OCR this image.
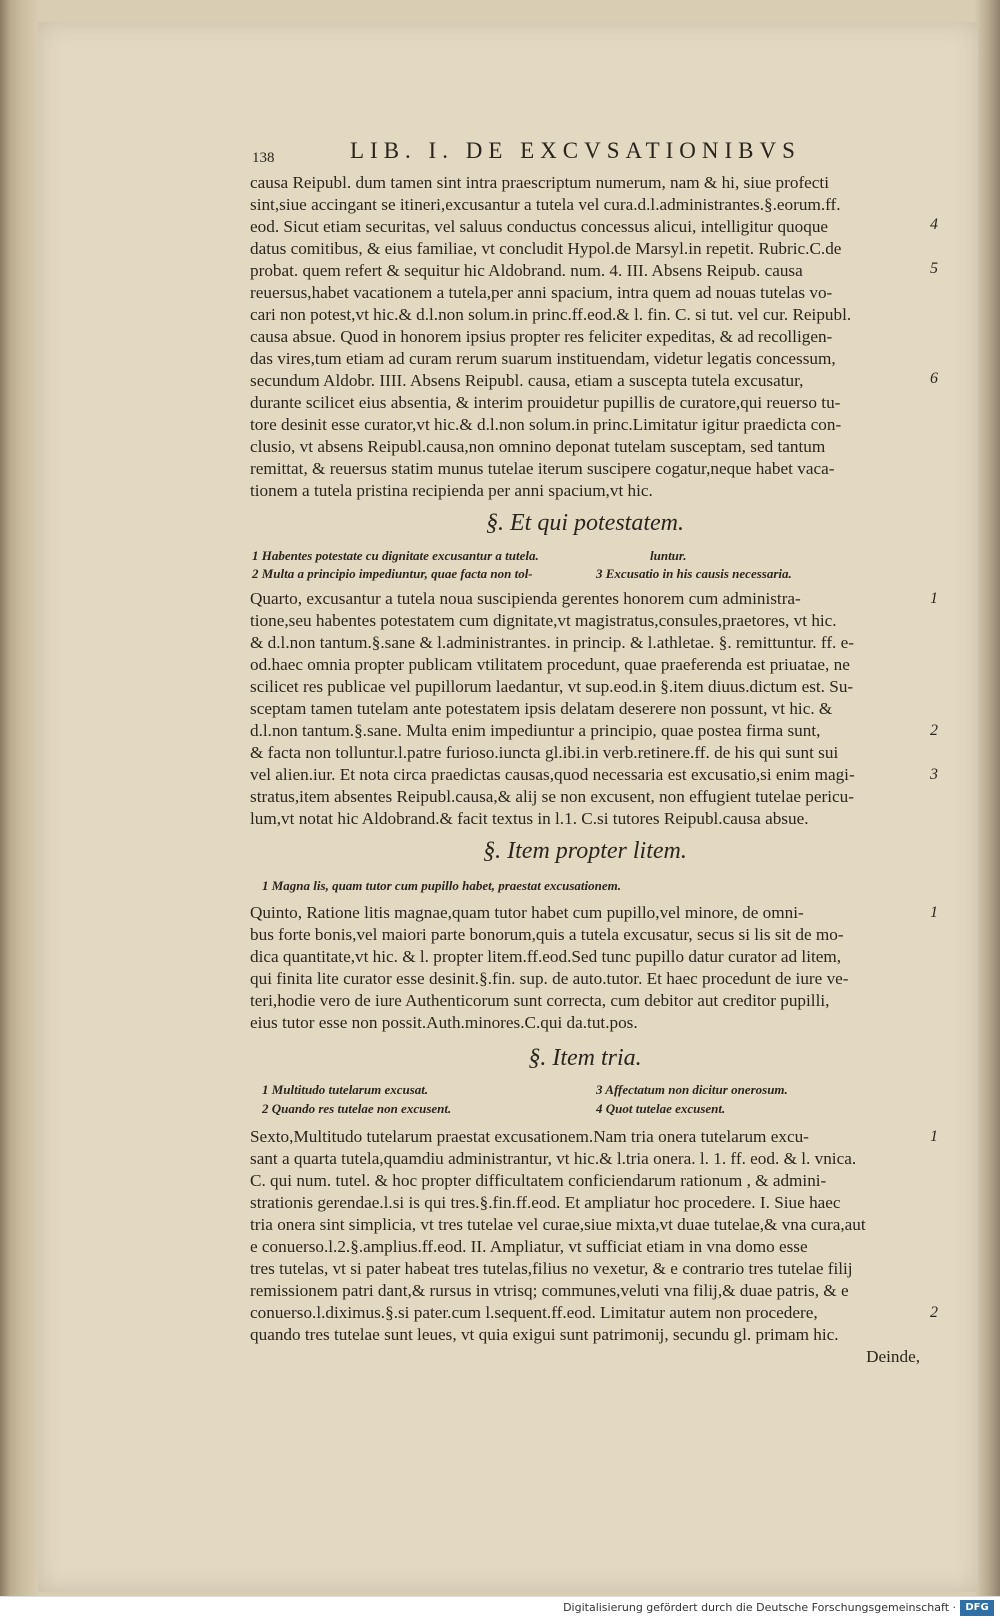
138	LIB. I. DE EXCVSATIONIBVS
causa Reipubl. dum tamen sint intra praescriptum numerum, nam & hi, siue profecti
sint,siue accingant se itineri,excusantur a tutela vel cura.d.l.administrantes.§.eorum.ff.
eod. Sicut etiam securitas, vel saluus conductus concessus alicui, intelligitur quoque
datus comitibus, & eius familiae, vt concludit Hypol.de Marsyl.in repetit. Rubric.C.de
probat. quem refert & sequitur hic Aldobrand. num. 4. III. Absens Reipub. causa
reuersus,habet vacationem a tutela,per anni spacium, intra quem ad nouas tutelas vo-
cari non potest,vt hic.& d.l.non solum.in princ.ff.eod.& l. fin. C. si tut. vel cur. Reipubl.
causa absue. Quod in honorem ipsius propter res feliciter expeditas, & ad recolligen-
das vires,tum etiam ad curam rerum suarum instituendam, videtur legatis concessum,
secundum Aldobr. IIII. Absens Reipubl. causa, etiam a suscepta tutela excusatur,
durante scilicet eius absentia, & interim prouidetur pupillis de curatore,qui reuerso tu-
tore desinit esse curator,vt hic.& d.l.non solum.in princ.Limitatur igitur praedicta con-
clusio, vt absens Reipubl.causa,non omnino deponat tutelam susceptam, sed tantum
remittat, & reuersus statim munus tutelae iterum suscipere cogatur,neque habet vaca-
tionem a tutela pristina recipienda per anni spacium,vt hic.
4
5
6
§. Et qui potestatem.
1 Habentes potestate cu dignitate excusantur a tutela.	luntur.
2 Multa a principio impediuntur, quae facta non tol-	3 Excusatio in his causis necessaria.
Quarto, excusantur a tutela noua suscipienda gerentes honorem cum administra-
tione,seu habentes potestatem cum dignitate,vt magistratus,consules,praetores, vt hic.
& d.l.non tantum.§.sane & l.administrantes. in princip. & l.athletae. §. remittuntur. ff. e-
od.haec omnia propter publicam vtilitatem procedunt, quae praeferenda est priuatae, ne
scilicet res publicae vel pupillorum laedantur, vt sup.eod.in §.item diuus.dictum est. Su-
sceptam tamen tutelam ante potestatem ipsis delatam deserere non possunt, vt hic. &
d.l.non tantum.§.sane. Multa enim impediuntur a principio, quae postea firma sunt,
& facta non tolluntur.l.patre furioso.iuncta gl.ibi.in verb.retinere.ff. de his qui sunt sui
vel alien.iur. Et nota circa praedictas causas,quod necessaria est excusatio,si enim magi-
stratus,item absentes Reipubl.causa,& alij se non excusent, non effugient tutelae pericu-
lum,vt notat hic Aldobrand.& facit textus in l.1. C.si tutores Reipubl.causa absue.
1
2
3
§. Item propter litem.
1 Magna lis, quam tutor cum pupillo habet, praestat excusationem.
Quinto, Ratione litis magnae,quam tutor habet cum pupillo,vel minore, de omni-
bus forte bonis,vel maiori parte bonorum,quis a tutela excusatur, secus si lis sit de mo-
dica quantitate,vt hic. & l. propter litem.ff.eod.Sed tunc pupillo datur curator ad litem,
qui finita lite curator esse desinit.§.fin. sup. de auto.tutor. Et haec procedunt de iure ve-
teri,hodie vero de iure Authenticorum sunt correcta, cum debitor aut creditor pupilli,
eius tutor esse non possit.Auth.minores.C.qui da.tut.pos.
1
§. Item tria.
1 Multitudo tutelarum excusat.	3 Affectatum non dicitur onerosum.
2 Quando res tutelae non excusent.	4 Quot tutelae excusent.
Sexto,Multitudo tutelarum praestat excusationem.Nam tria onera tutelarum excu-
sant a quarta tutela,quamdiu administrantur, vt hic.& l.tria onera. l. 1. ff. eod. & l. vnica.
C. qui num. tutel. & hoc propter difficultatem conficiendarum rationum , & admini-
strationis gerendae.l.si is qui tres.§.fin.ff.eod. Et ampliatur hoc procedere. I. Siue haec
tria onera sint simplicia, vt tres tutelae vel curae,siue mixta,vt duae tutelae,& vna cura,aut
e conuerso.l.2.§.amplius.ff.eod. II. Ampliatur, vt sufficiat etiam in vna domo esse
tres tutelas, vt si pater habeat tres tutelas,filius no vexetur, & e contrario tres tutelae filij
remissionem patri dant,& rursus in vtrisq; communes,veluti vna filij,& duae patris, & e
conuerso.l.diximus.§.si pater.cum l.sequent.ff.eod. Limitatur autem non procedere,
quando tres tutelae sunt leues, vt quia exigui sunt patrimonij, secundu gl. primam hic.
Deinde,
1
2
Digitalisierung gefördert durch die Deutsche Forschungsgemeinschaft · DFG
